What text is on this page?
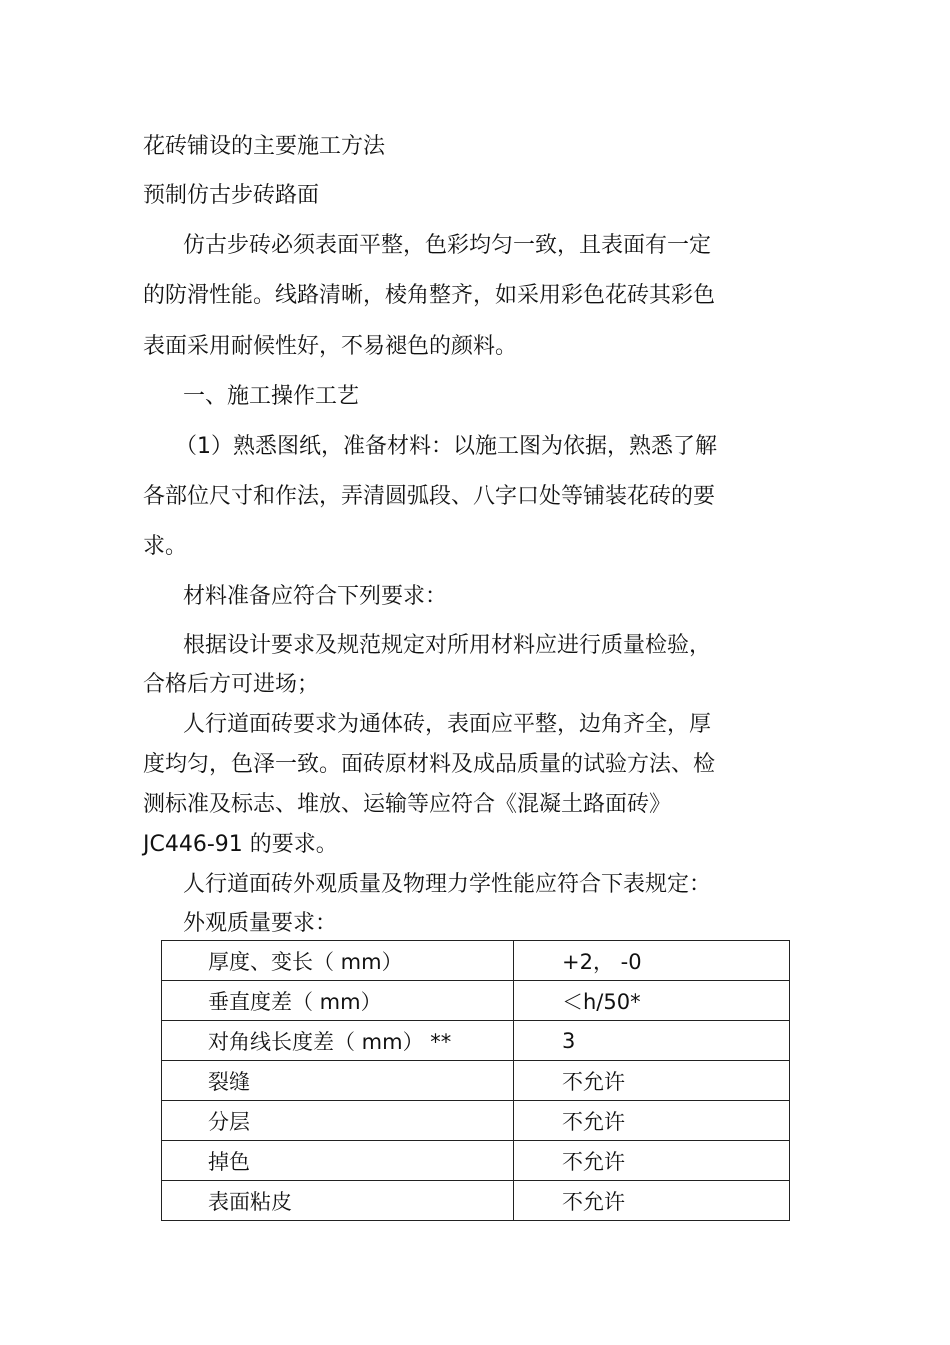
花砖铺设的主要施工方法
预制仿古步砖路面
仿古步砖必须表面平整，色彩均匀一致，且表面有一定
的防滑性能。线路清晰，棱角整齐，如采用彩色花砖其彩色
表面采用耐候性好，不易褪色的颜料。
一、施工操作工艺
（1）熟悉图纸，准备材料：以施工图为依据，熟悉了解
各部位尺寸和作法，弄清圆弧段、八字口处等铺装花砖的要
求。
材料准备应符合下列要求：
根据设计要求及规范规定对所用材料应进行质量检验，
合格后方可进场；
人行道面砖要求为通体砖，表面应平整，边角齐全，厚
度均匀，色泽一致。面砖原材料及成品质量的试验方法、检
测标准及标志、堆放、运输等应符合《混凝土路面砖》
JC446-91 的要求。
人行道面砖外观质量及物理力学性能应符合下表规定：
外观质量要求：
厚度、变长（ mm）	+2， -0
垂直度差（ mm）	＜h/50*
对角线长度差（ mm） **	3
裂缝	不允许
分层	不允许
掉色	不允许
表面粘皮	不允许
